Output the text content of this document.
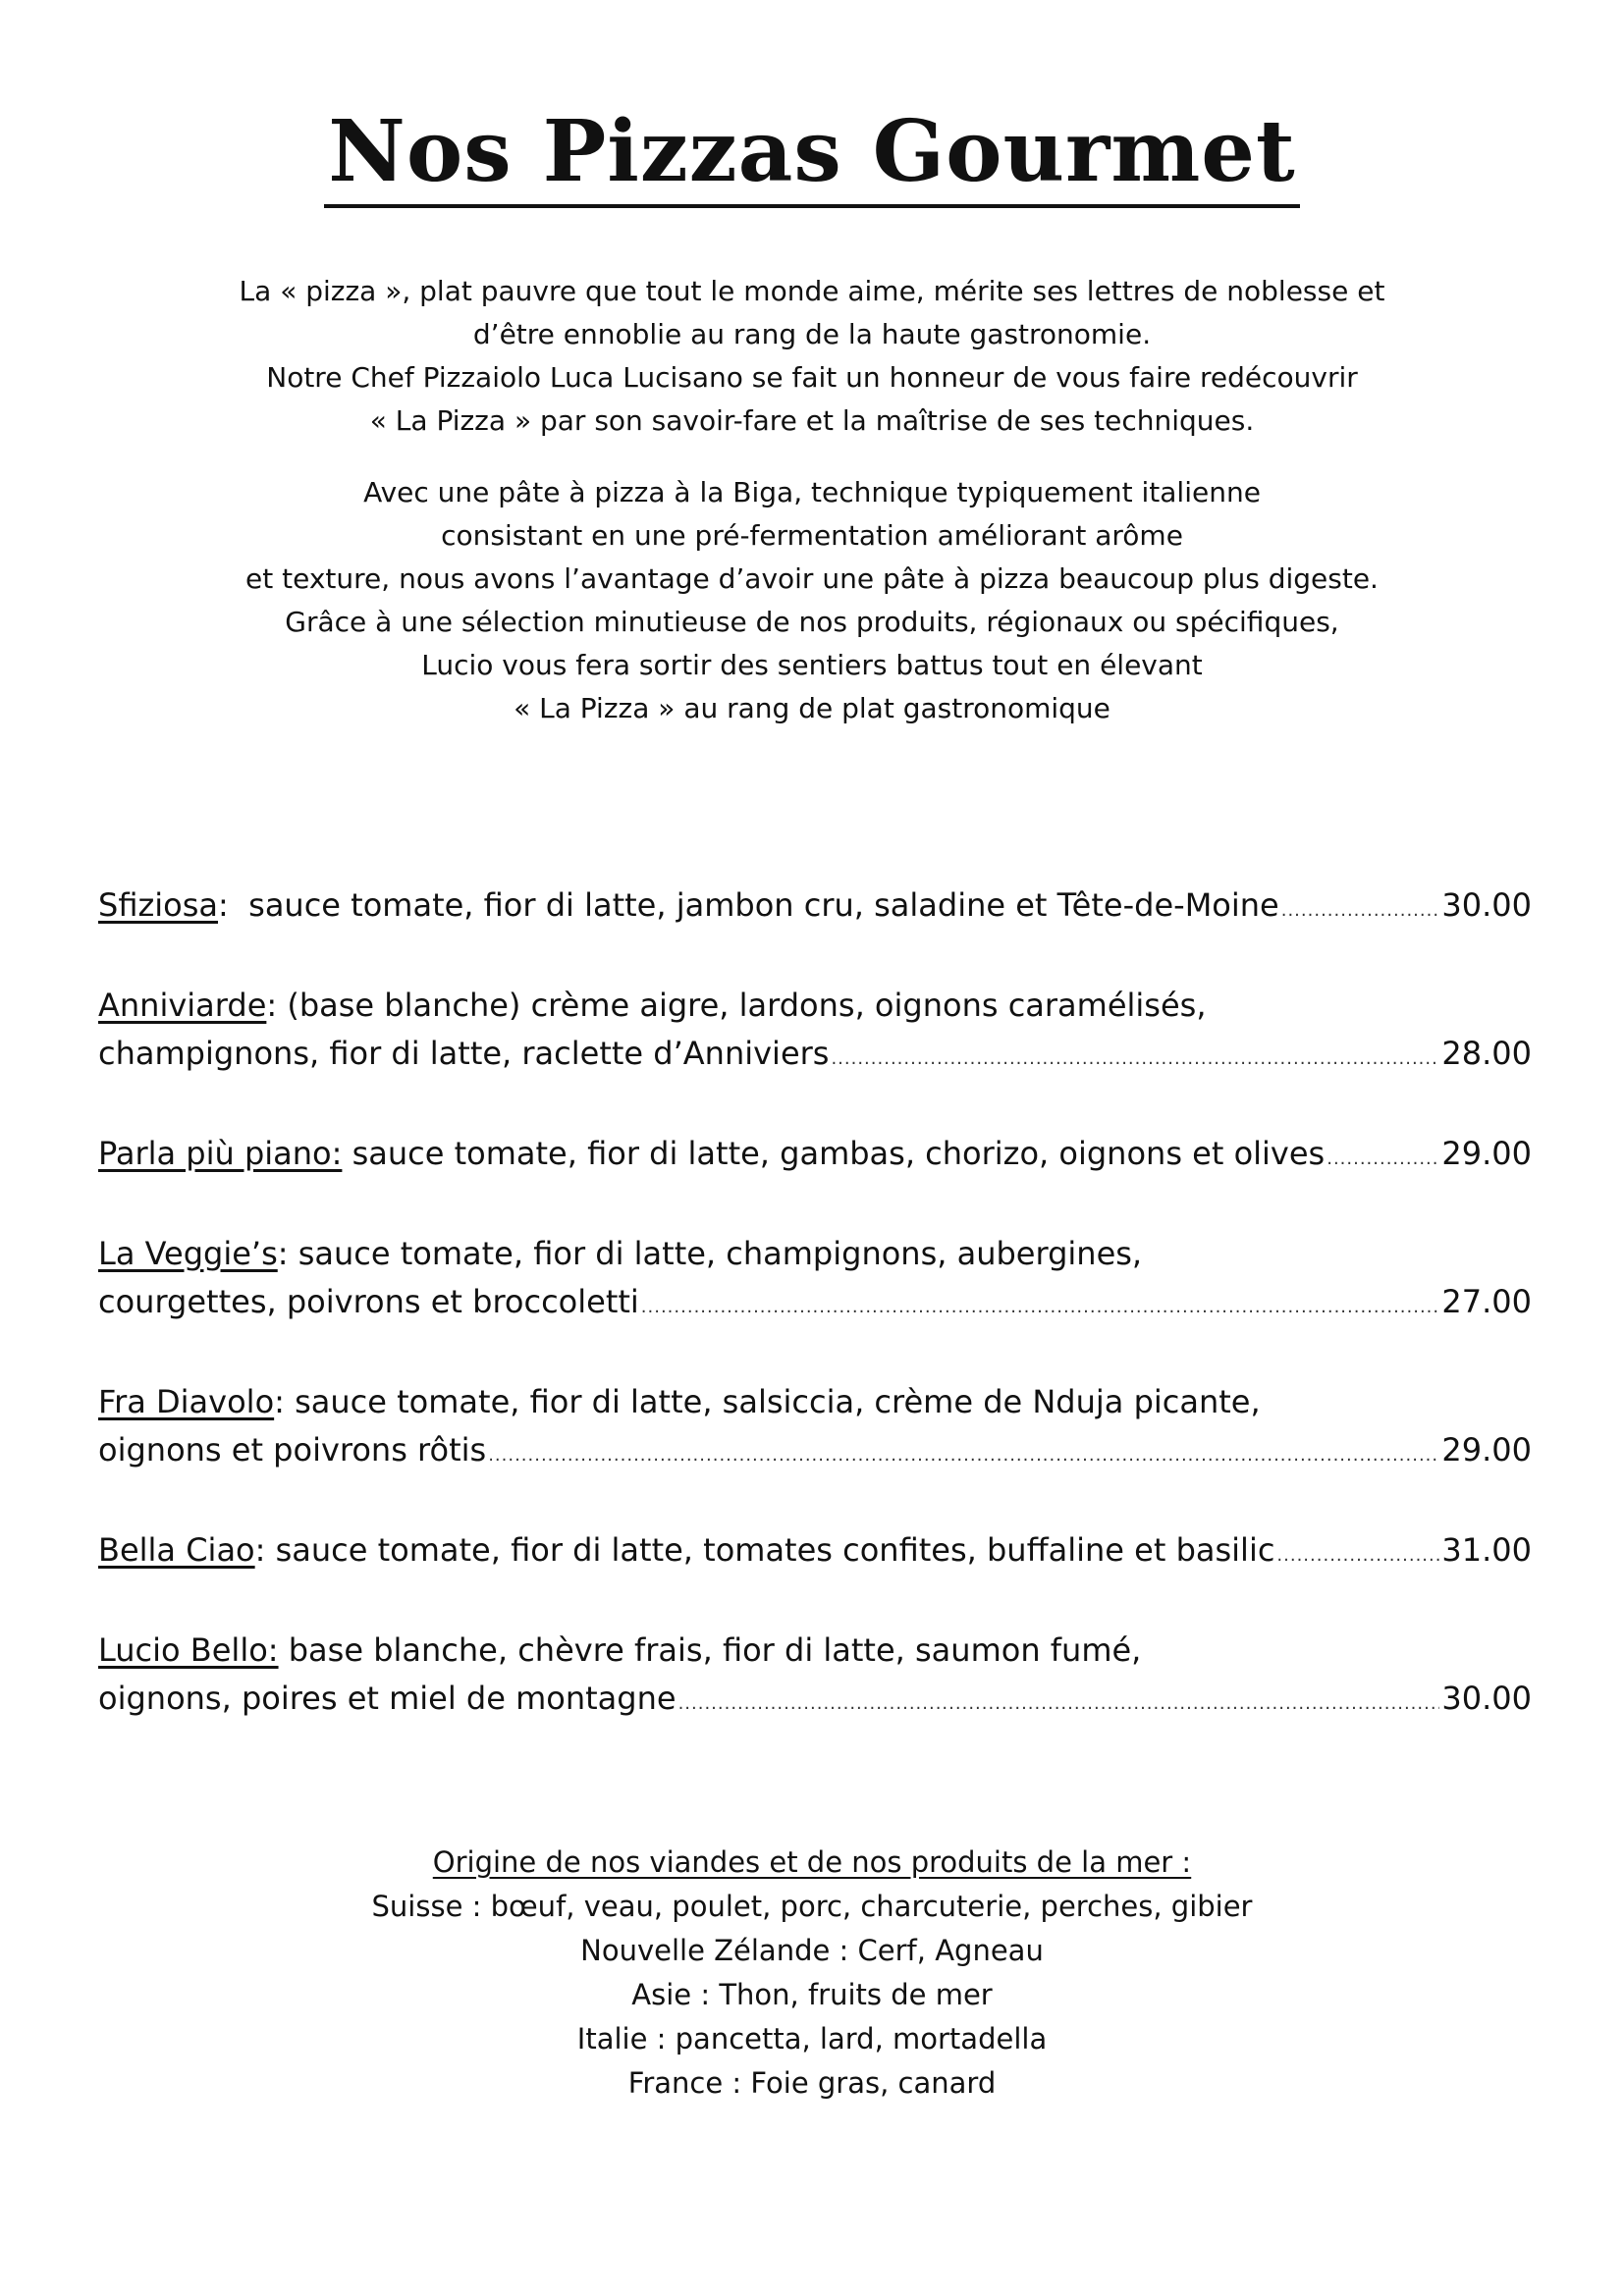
Nos Pizzas Gourmet

La « pizza », plat pauvre que tout le monde aime, mérite ses lettres de noblesse et

d’être ennoblie au rang de la haute gastronomie.

Notre Chef Pizzaiolo Luca Lucisano se fait un honneur de vous faire redécouvrir

« La Pizza » par son savoir-fare et la maîtrise de ses techniques.

Avec une pâte à pizza à la Biga, technique typiquement italienne

consistant en une pré-fermentation améliorant arôme

et texture, nous avons l’avantage d’avoir une pâte à pizza beaucoup plus digeste.

Grâce à une sélection minutieuse de nos produits, régionaux ou spécifiques,

Lucio vous fera sortir des sentiers battus tout en élevant

« La Pizza » au rang de plat gastronomique

Sfiziosa : sauce tomate, fior di latte, jambon cru, saladine et Tête-de-Moine .....	30.00
Anniviarde : (base blanche) crème aigre, lardons, oignons caramélisés,
champignons, fior di latte, raclette d’Anniviers .....	28.00
Parla più piano: sauce tomate, fior di latte, gambas, chorizo, oignons et olives .....	29.00
La Veggie’s : sauce tomate, fior di latte, champignons, aubergines,
courgettes, poivrons et broccoletti .....	27.00
Fra Diavolo : sauce tomate, fior di latte, salsiccia, crème de Nduja picante,
oignons et poivrons rôtis .....	29.00
Bella Ciao : sauce tomate, fior di latte, tomates confites, buffaline et basilic .....	31.00
Lucio Bello: base blanche, chèvre frais, fior di latte, saumon fumé,
oignons, poires et miel de montagne .....	30.00
Origine de nos viandes et de nos produits de la mer :
Suisse : bœuf, veau, poulet, porc, charcuterie, perches, gibier
Nouvelle Zélande : Cerf, Agneau
Asie : Thon, fruits de mer
Italie : pancetta, lard, mortadella
France : Foie gras, canard
